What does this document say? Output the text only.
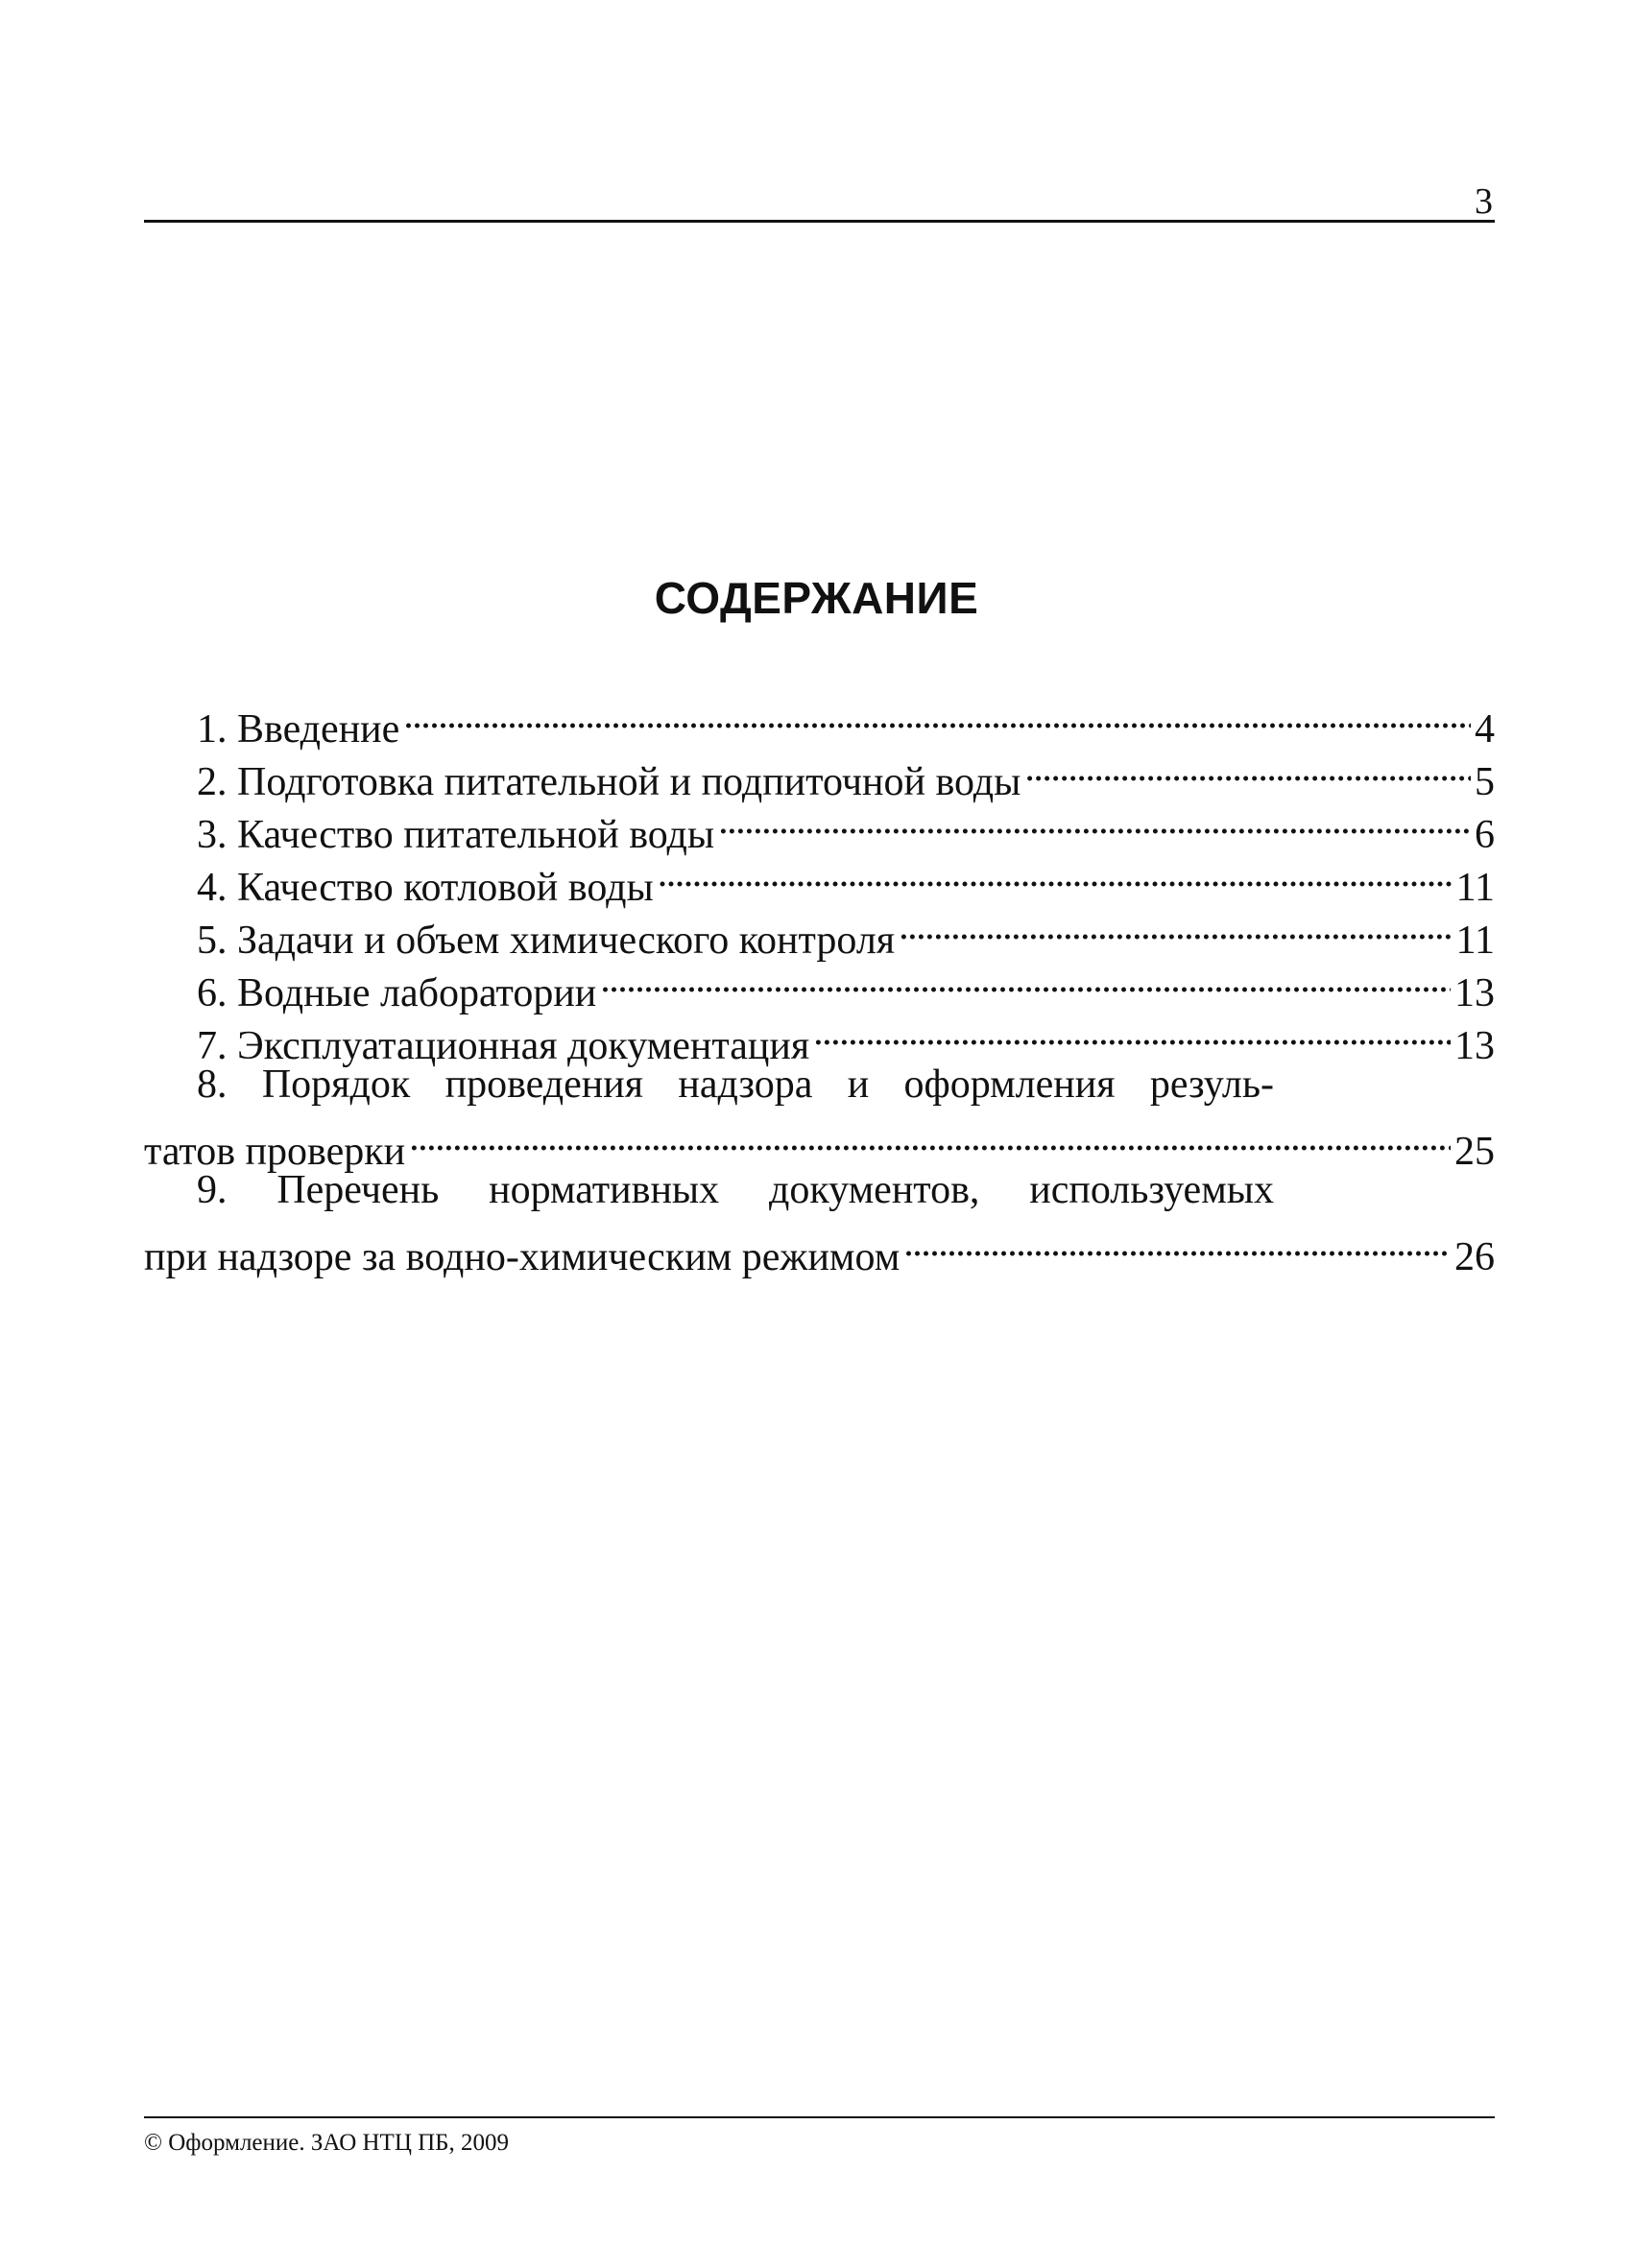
3
СОДЕРЖАНИЕ
1. Введение . . .	4
2. Подготовка питательной и подпиточной воды . . .	5
3. Качество питательной воды . . .	6
4. Качество котловой воды . . .	11
5. Задачи и объем химического контроля . . .	11
6. Водные лаборатории . . .	13
7. Эксплуатационная документация . . .	13
8. Порядок проведения надзора и оформления резуль-
татов проверки . . .	25
9. Перечень нормативных документов, используемых
при надзоре за водно-химическим режимом . . .	26
© Оформлениe. ЗАО НТЦ ПБ, 2009
